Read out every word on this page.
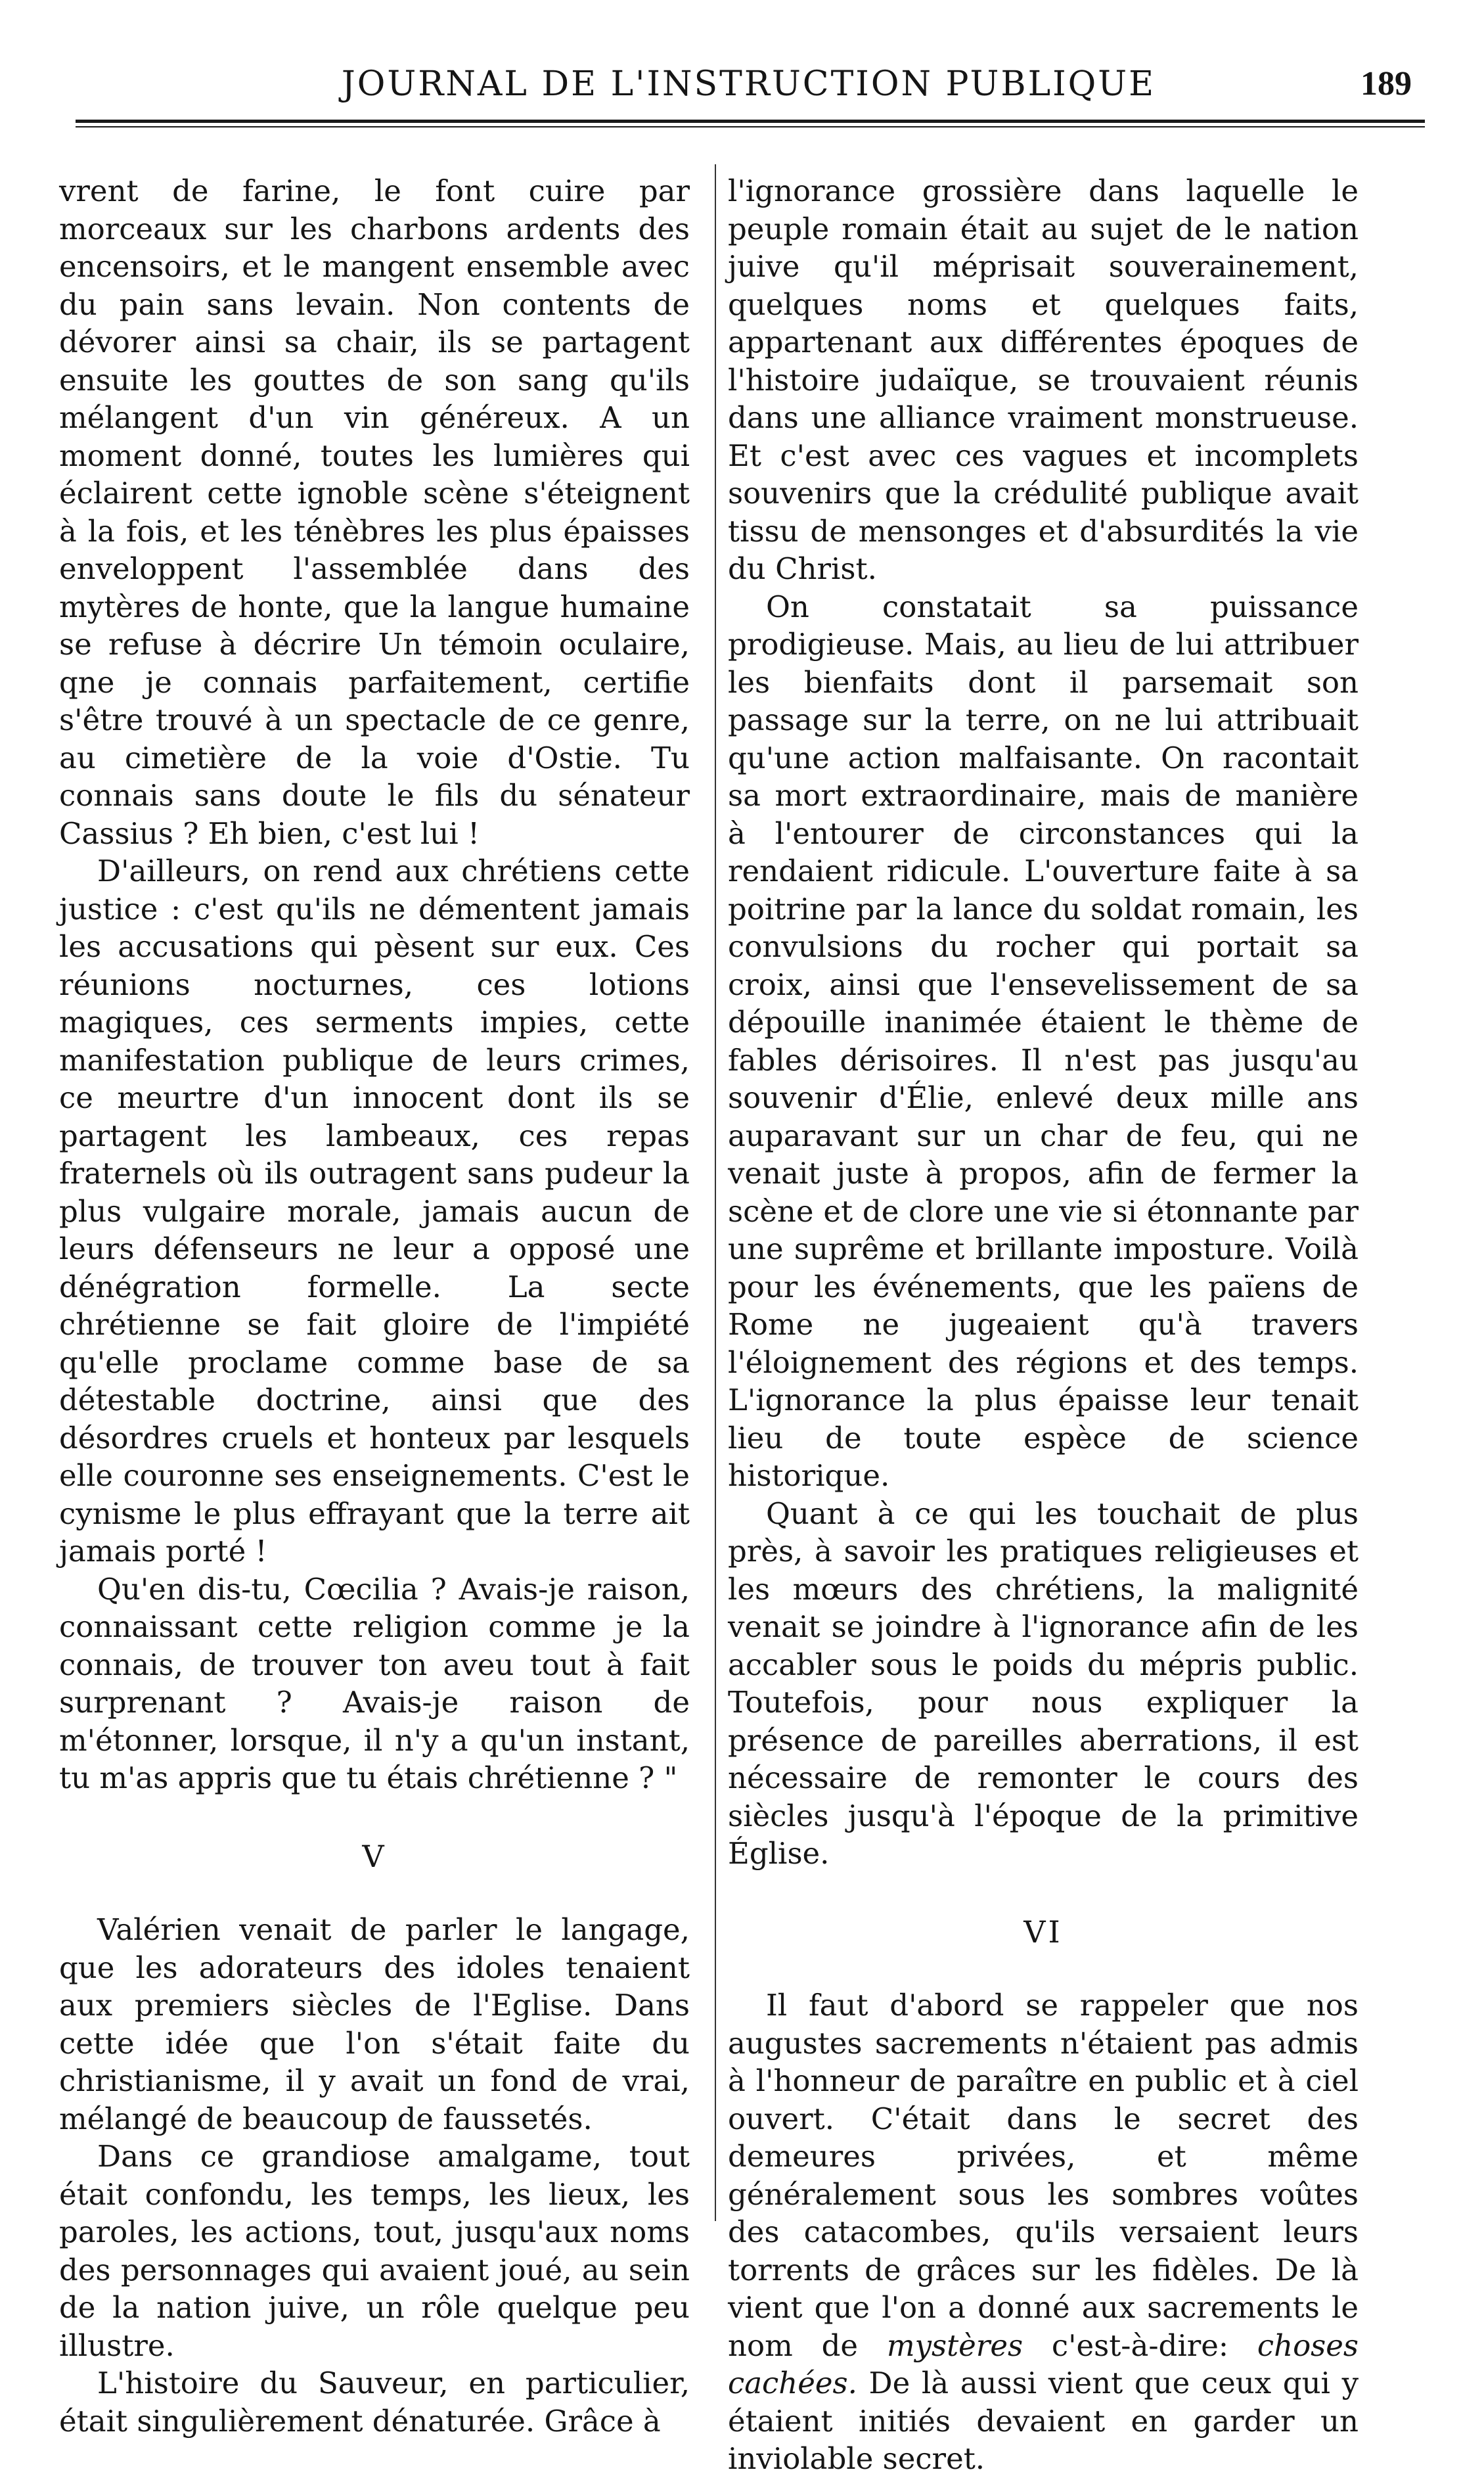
JOURNAL DE L'INSTRUCTION PUBLIQUE	189

vrent de farine, le font cuire par morceaux sur les charbons ardents des encensoirs, et le mangent ensemble avec du pain sans levain. Non contents de dévorer ainsi sa chair, ils se partagent ensuite les gouttes de son sang qu'ils mélangent d'un vin généreux. A un moment donné, toutes les lumières qui éclairent cette ignoble scène s'éteignent à la fois, et les ténèbres les plus épaisses enveloppent l'assemblée dans des mytères de honte, que la langue humaine se refuse à décrire Un témoin oculaire, qne je connais parfaitement, certifie s'être trouvé à un spectacle de ce genre, au cimetière de la voie d'Ostie. Tu connais sans doute le fils du sénateur Cassius ? Eh bien, c'est lui !

D'ailleurs, on rend aux chrétiens cette justice : c'est qu'ils ne démentent jamais les accusations qui pèsent sur eux. Ces réunions nocturnes, ces lotions magiques, ces serments impies, cette manifestation publique de leurs crimes, ce meurtre d'un innocent dont ils se partagent les lambeaux, ces repas fraternels où ils outragent sans pudeur la plus vulgaire morale, jamais aucun de leurs défenseurs ne leur a opposé une dénégration formelle. La secte chrétienne se fait gloire de l'impiété qu'elle proclame comme base de sa détestable doctrine, ainsi que des désordres cruels et honteux par lesquels elle couronne ses enseignements. C'est le cynisme le plus effrayant que la terre ait jamais porté !

Qu'en dis-tu, Cœcilia ? Avais-je raison, connaissant cette religion comme je la connais, de trouver ton aveu tout à fait surprenant ? Avais-je raison de m'étonner, lorsque, il n'y a qu'un instant, tu m'as appris que tu étais chrétienne ? "

V

Valérien venait de parler le langage, que les adorateurs des idoles tenaient aux premiers siècles de l'Eglise. Dans cette idée que l'on s'était faite du christianisme, il y avait un fond de vrai, mélangé de beaucoup de faussetés.

Dans ce grandiose amalgame, tout était confondu, les temps, les lieux, les paroles, les actions, tout, jusqu'aux noms des personnages qui avaient joué, au sein de la nation juive, un rôle quelque peu illustre.

L'histoire du Sauveur, en particulier, était singulièrement dénaturée. Grâce à

l'ignorance grossière dans laquelle le peuple romain était au sujet de le nation juive qu'il méprisait souverainement, quelques noms et quelques faits, appartenant aux différentes époques de l'histoire judaïque, se trouvaient réunis dans une alliance vraiment monstrueuse. Et c'est avec ces vagues et incomplets souvenirs que la crédulité publique avait tissu de mensonges et d'absurdités la vie du Christ.

On constatait sa puissance prodigieuse. Mais, au lieu de lui attribuer les bienfaits dont il parsemait son passage sur la terre, on ne lui attribuait qu'une action malfaisante. On racontait sa mort extraordinaire, mais de manière à l'entourer de circonstances qui la rendaient ridicule. L'ouverture faite à sa poitrine par la lance du soldat romain, les convulsions du rocher qui portait sa croix, ainsi que l'ensevelissement de sa dépouille inanimée étaient le thème de fables dérisoires. Il n'est pas jusqu'au souvenir d'Élie, enlevé deux mille ans auparavant sur un char de feu, qui ne venait juste à propos, afin de fermer la scène et de clore une vie si étonnante par une suprême et brillante imposture. Voilà pour les événements, que les païens de Rome ne jugeaient qu'à travers l'éloignement des régions et des temps. L'ignorance la plus épaisse leur tenait lieu de toute espèce de science historique.

Quant à ce qui les touchait de plus près, à savoir les pratiques religieuses et les mœurs des chrétiens, la malignité venait se joindre à l'ignorance afin de les accabler sous le poids du mépris public. Toutefois, pour nous expliquer la présence de pareilles aberrations, il est nécessaire de remonter le cours des siècles jusqu'à l'époque de la primitive Église.

VI

Il faut d'abord se rappeler que nos augustes sacrements n'étaient pas admis à l'honneur de paraître en public et à ciel ouvert. C'était dans le secret des demeures privées, et même généralement sous les sombres voûtes des catacombes, qu'ils versaient leurs torrents de grâces sur les fidèles. De là vient que l'on a donné aux sacrements le nom de mystères c'est-à-dire: choses cachées. De là aussi vient que ceux qui y étaient initiés devaient en garder un inviolable secret.
